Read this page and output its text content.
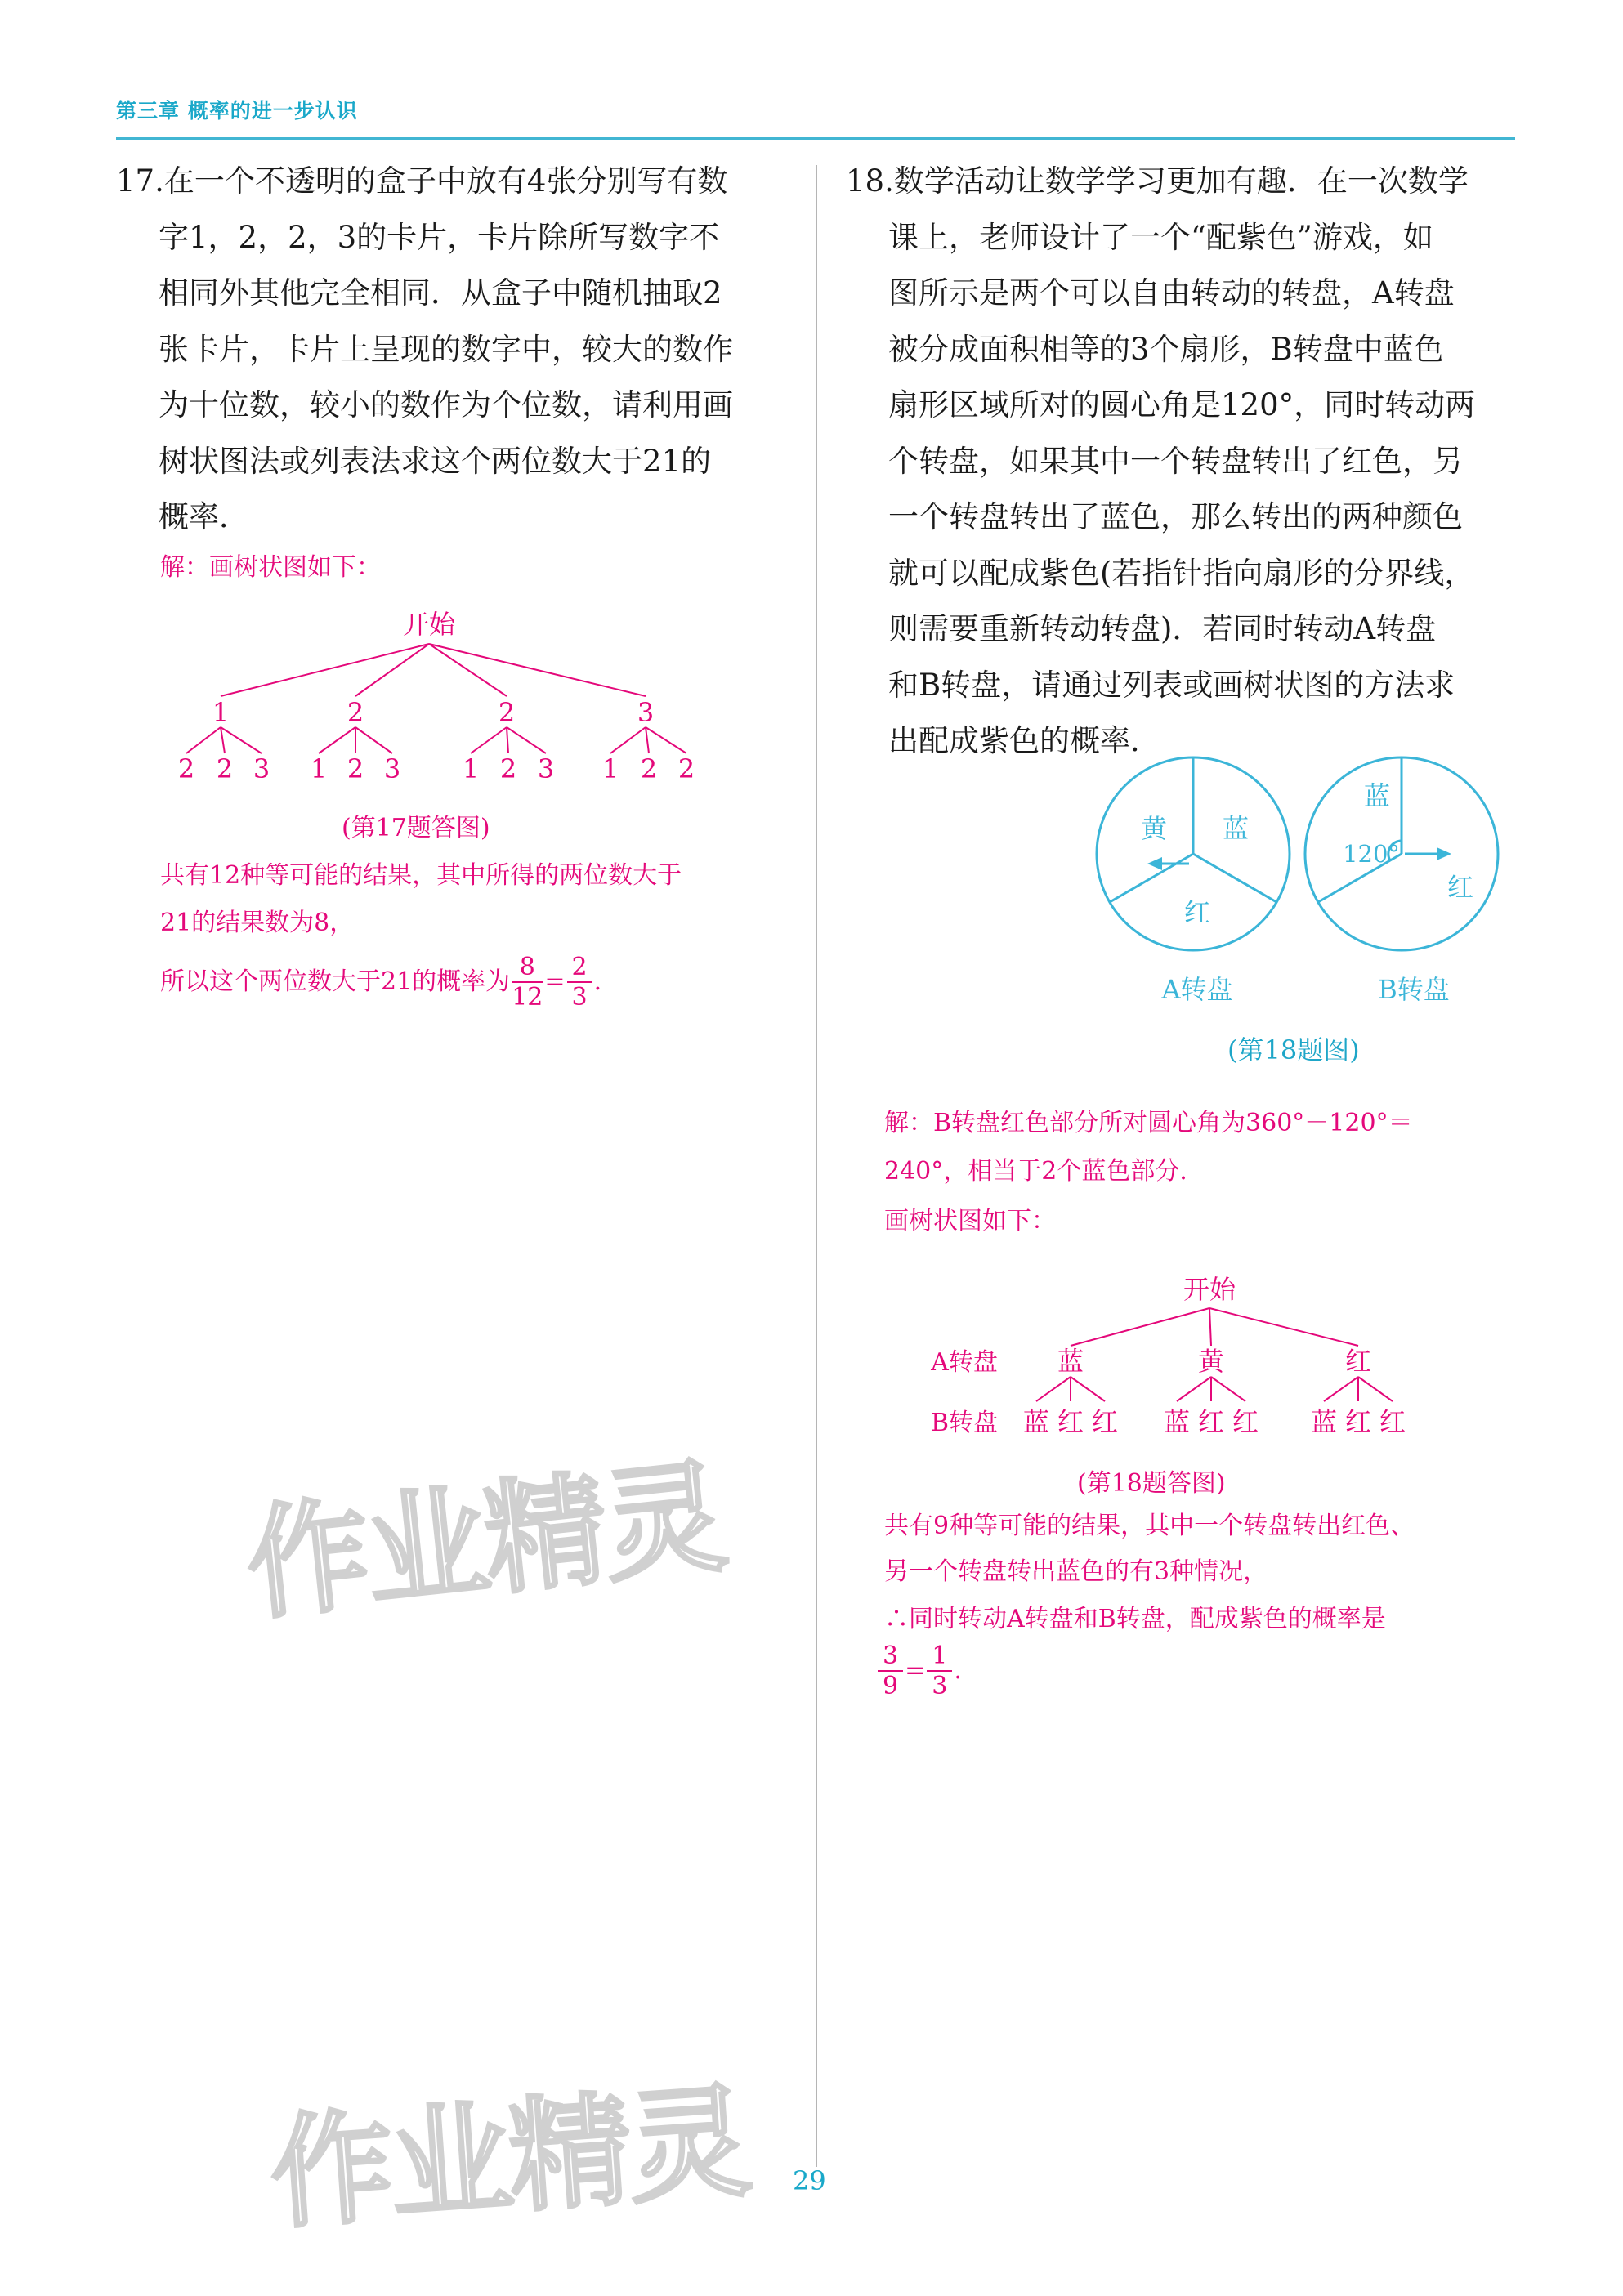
第三章 概率的进一步认识
17.在一个不透明的盒子中放有4张分别写有数
字1，2，2，3的卡片，卡片除所写数字不
相同外其他完全相同．从盒子中随机抽取2
张卡片，卡片上呈现的数字中，较大的数作
为十位数，较小的数作为个位数，请利用画
树状图法或列表法求这个两位数大于21的
概率．
解：画树状图如下：
开始
1	2	2	3
2 2 3 1 2 3 1 2 3 1 2 2
(第17题答图)
共有12种等可能的结果，其中所得的两位数大于
21的结果数为8，
所以这个两位数大于21的概率为 $\frac{8}{12} = \frac{2}{3}$ .
18.数学活动让数学学习更加有趣．在一次数学
课上，老师设计了一个“配紫色”游戏，如
图所示是两个可以自由转动的转盘，A转盘
被分成面积相等的3个扇形，B转盘中蓝色
扇形区域所对的圆心角是120°，同时转动两
个转盘，如果其中一个转盘转出了红色，另
一个转盘转出了蓝色，那么转出的两种颜色
就可以配成紫色(若指针指向扇形的分界线，
则需要重新转动转盘)．若同时转动A转盘
和B转盘，请通过列表或画树状图的方法求
出配成紫色的概率．
黄 蓝
红
蓝
红
120°
A转盘	B转盘
(第18题图)
解：B转盘红色部分所对圆心角为360°－120°＝
240°，相当于2个蓝色部分．
画树状图如下：
开始
A转盘 蓝	黄	红
B转盘 蓝 红 红 蓝 红 红 蓝 红 红
(第18题答图)
共有9种等可能的结果，其中一个转盘转出红色、
另一个转盘转出蓝色的有3种情况，
∴同时转动A转盘和B转盘，配成紫色的概率是
$\frac{3}{9} = \frac{1}{3}$ .
作业精灵
作业精灵 29
